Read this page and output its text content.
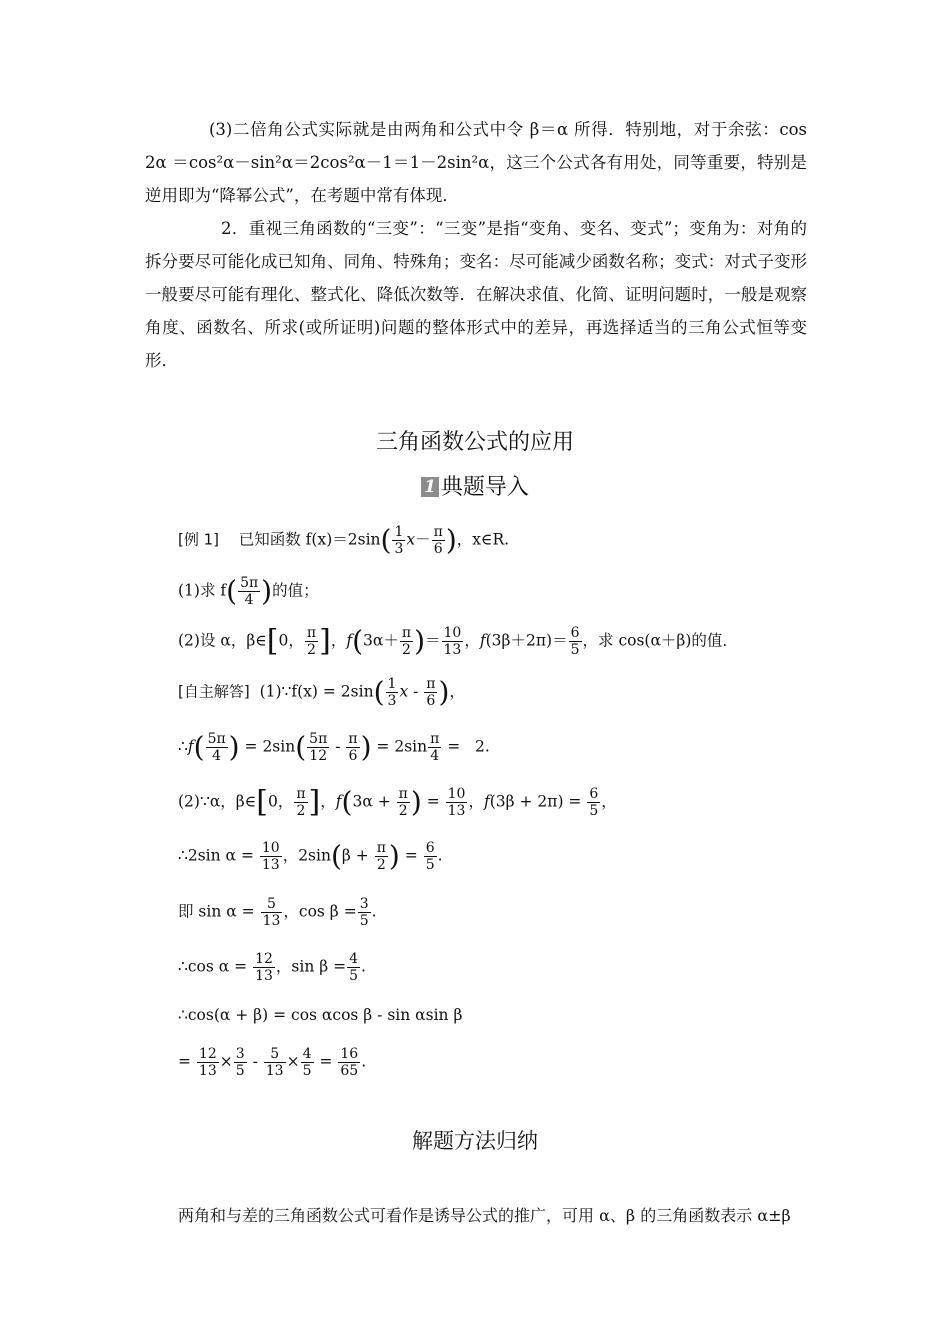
(3)二倍角公式实际就是由两角和公式中令 β＝α 所得．特别地，对于余弦：cos 2α ＝cos²α－sin²α＝2cos²α－1＝1－2sin²α，这三个公式各有用处，同等重要，特别是逆用即为“降幂公式”，在考题中常有体现．
2．重视三角函数的“三变”：“三变”是指“变角、变名、变式”；变角为：对角的拆分要尽可能化成已知角、同角、特殊角；变名：尽可能减少函数名称；变式：对式子变形一般要尽可能有理化、整式化、降低次数等．在解决求值、化简、证明问题时，一般是观察角度、函数名、所求(或所证明)问题的整体形式中的差异，再选择适当的三角公式恒等变形．
三角函数公式的应用
1 典题导入
[例 1] 已知函数 $f(x)=2\sin( \frac{1}{3} x- \frac{\pi}{6}$ )，x∈R.
(1)求 $f( \frac{5\pi}{4}$ )的值；
(2)设 α，β∈[0， $\frac{\pi}{2}$ ]，$f(3\alpha+ \frac{\pi}{2}$ )＝ $\frac{10}{13}$ ，$f(3\beta+2\pi)= \frac{6}{5}$ ，求 cos(α＋β)的值．
[自主解答] (1)∵f(x) = $2\sin( \frac{1}{3}$ x - $\frac{\pi}{6}$ )，
∴f( $\frac{5\pi}{4}$ ) = $2\sin( \frac{5\pi}{12} - \frac{\pi}{6}$ ) = $2\sin \frac{\pi}{4} = 2$.
(2)∵α，β∈[0， $\frac{\pi}{2}$ ]，$f(3\alpha + \frac{\pi}{2}$ ) = $\frac{10}{13}$ ，$f(3\beta + 2\pi) = \frac{6}{5}$ ，
∴2sin $\alpha = \frac{10}{13}$ ，$2\sin(\beta + \frac{\pi}{2}$ ) = $\frac{6}{5}$ .
即 $\sin \alpha = \frac{5}{13}$ ，$\cos \beta = \frac{3}{5}$ .
∴cos $\alpha = \frac{12}{13}$ ，$\sin \beta = \frac{4}{5}$ .
∴cos(α + β) = cos αcos β - sin αsin β
= $\frac{12}{13} \times \frac{3}{5} - \frac{5}{13} \times \frac{4}{5} = \frac{16}{65}$ .
解题方法归纳
两角和与差的三角函数公式可看作是诱导公式的推广，可用 α、β 的三角函数表示 α±β
